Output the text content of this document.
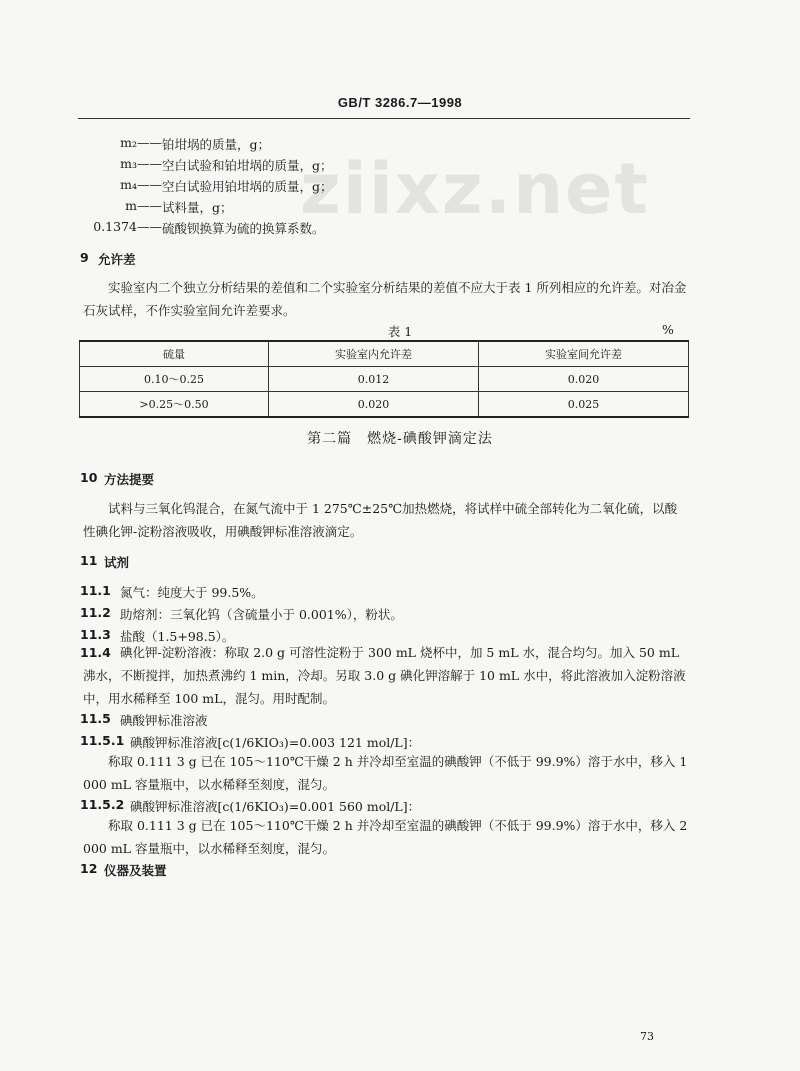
GB/T 3286.7—1998
ziixz.net
m₂—— 铂坩埚的质量，g；
m₃—— 空白试验和铂坩埚的质量，g；
m₄—— 空白试验用铂坩埚的质量，g；
m—— 试料量，g；
0.1374—— 硫酸钡换算为硫的换算系数。
9 允许差
实验室内二个独立分析结果的差值和二个实验室分析结果的差值不应大于表 1 所列相应的允许差。对冶金石灰试样，不作实验室间允许差要求。
表 1	%
硫量	实验室内允许差	实验室间允许差
0.10～0.25	0.012	0.020
>0.25～0.50	0.020	0.025
第二篇　燃烧-碘酸钾滴定法
10 方法提要
试料与三氧化钨混合，在氮气流中于 1 275℃±25℃加热燃烧，将试样中硫全部转化为二氧化硫，以酸性碘化钾-淀粉溶液吸收，用碘酸钾标准溶液滴定。
11 试剂
11.1 氮气：纯度大于 99.5%。
11.2 助熔剂：三氧化钨（含硫量小于 0.001%），粉状。
11.3 盐酸（1.5+98.5）。
11.4 碘化钾-淀粉溶液：称取 2.0 g 可溶性淀粉于 300 mL 烧杯中，加 5 mL 水，混合均匀。加入 50 mL 沸水，不断搅拌，加热煮沸约 1 min，冷却。另取 3.0 g 碘化钾溶解于 10 mL 水中，将此溶液加入淀粉溶液中，用水稀释至 100 mL，混匀。用时配制。
11.5 碘酸钾标准溶液
11.5.1 碘酸钾标准溶液[c(1/6KIO₃)=0.003 121 mol/L]：
称取 0.111 3 g 已在 105～110℃干燥 2 h 并冷却至室温的碘酸钾（不低于 99.9%）溶于水中，移入 1 000 mL 容量瓶中，以水稀释至刻度，混匀。
11.5.2 碘酸钾标准溶液[c(1/6KIO₃)=0.001 560 mol/L]：
称取 0.111 3 g 已在 105～110℃干燥 2 h 并冷却至室温的碘酸钾（不低于 99.9%）溶于水中，移入 2 000 mL 容量瓶中，以水稀释至刻度，混匀。
12 仪器及装置
73
